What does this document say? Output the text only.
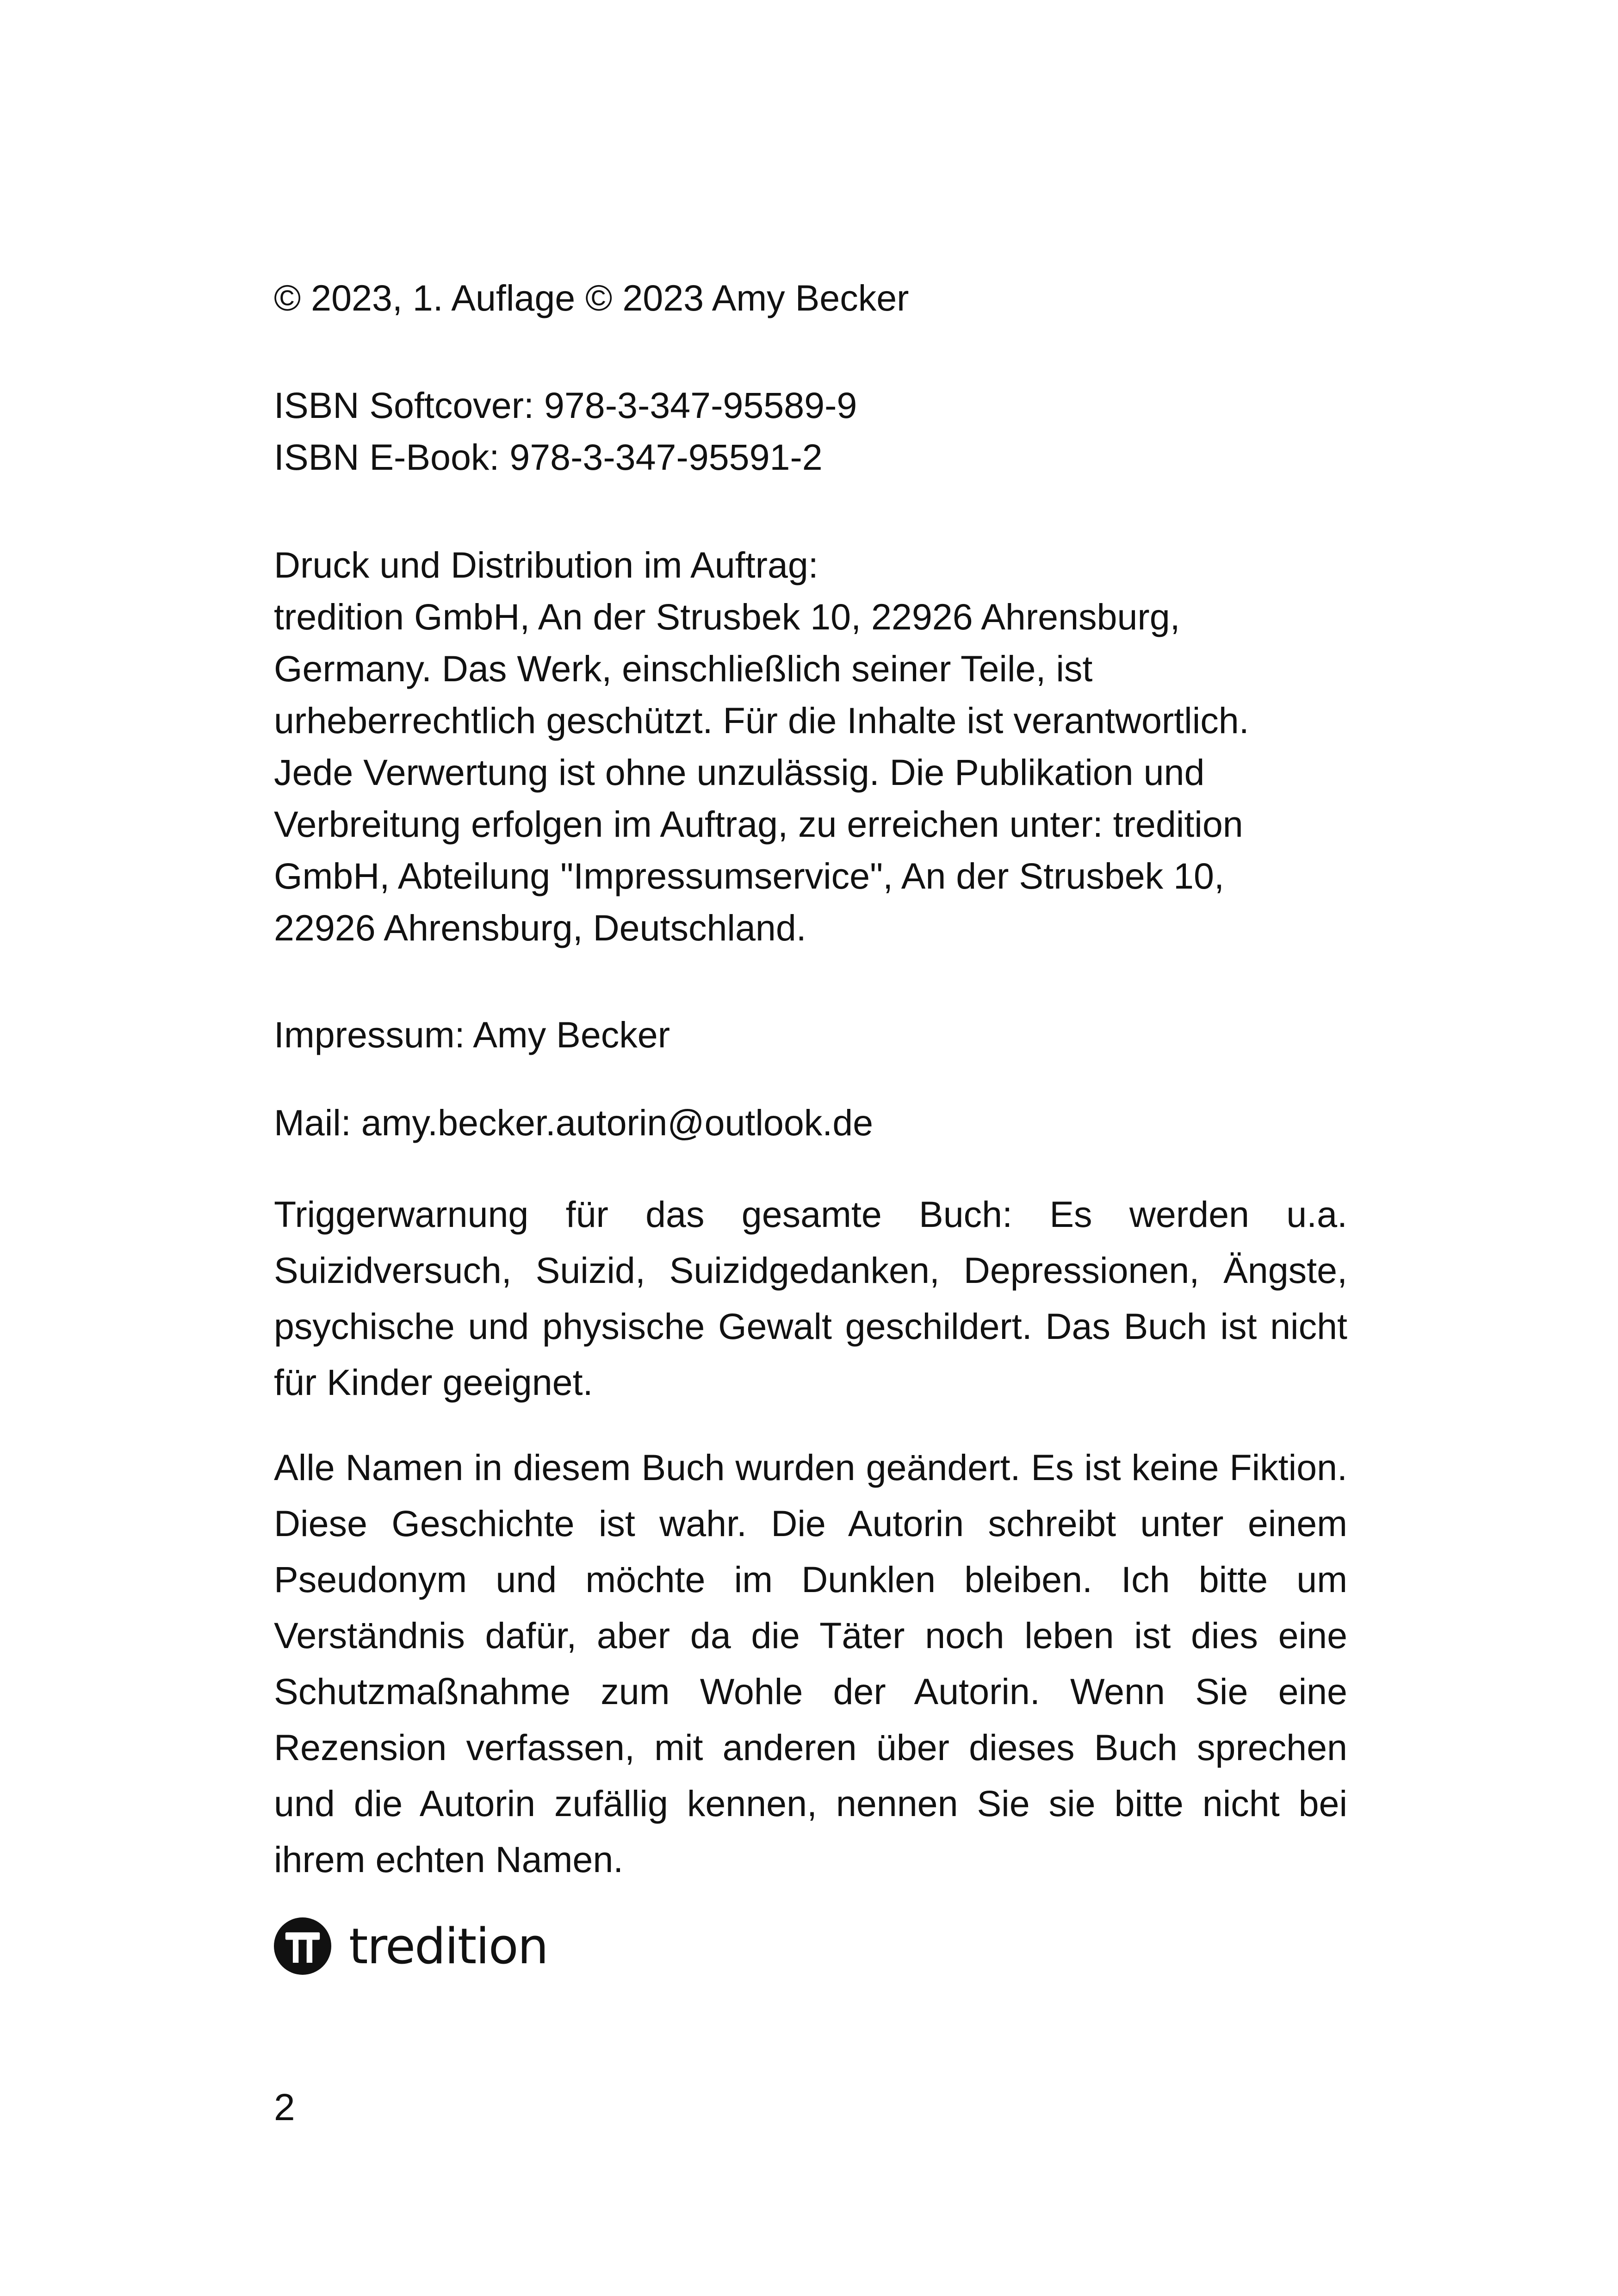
© 2023, 1. Auflage © 2023 Amy Becker

ISBN Softcover: 978-3-347-95589-9
ISBN E-Book: 978-3-347-95591-2

Druck und Distribution im Auftrag:
tredition GmbH, An der Strusbek 10, 22926 Ahrensburg,
Germany. Das Werk, einschließlich seiner Teile, ist
urheberrechtlich geschützt. Für die Inhalte ist verantwortlich.
Jede Verwertung ist ohne unzulässig. Die Publikation und
Verbreitung erfolgen im Auftrag, zu erreichen unter: tredition
GmbH, Abteilung "Impressumservice", An der Strusbek 10,
22926 Ahrensburg, Deutschland.

Impressum: Amy Becker

Mail: amy.becker.autorin@outlook.de

Triggerwarnung für das gesamte Buch: Es werden u.a. Suizidversuch, Suizid, Suizidgedanken, Depressionen, Ängste, psychische und physische Gewalt geschildert. Das Buch ist nicht für Kinder geeignet.

Alle Namen in diesem Buch wurden geändert. Es ist keine Fiktion. Diese Geschichte ist wahr. Die Autorin schreibt unter einem Pseudonym und möchte im Dunklen bleiben. Ich bitte um Verständnis dafür, aber da die Täter noch leben ist dies eine Schutzmaßnahme zum Wohle der Autorin. Wenn Sie eine Rezension verfassen, mit anderen über dieses Buch sprechen und die Autorin zufällig kennen, nennen Sie sie bitte nicht bei ihrem echten Namen.

tredition
2
